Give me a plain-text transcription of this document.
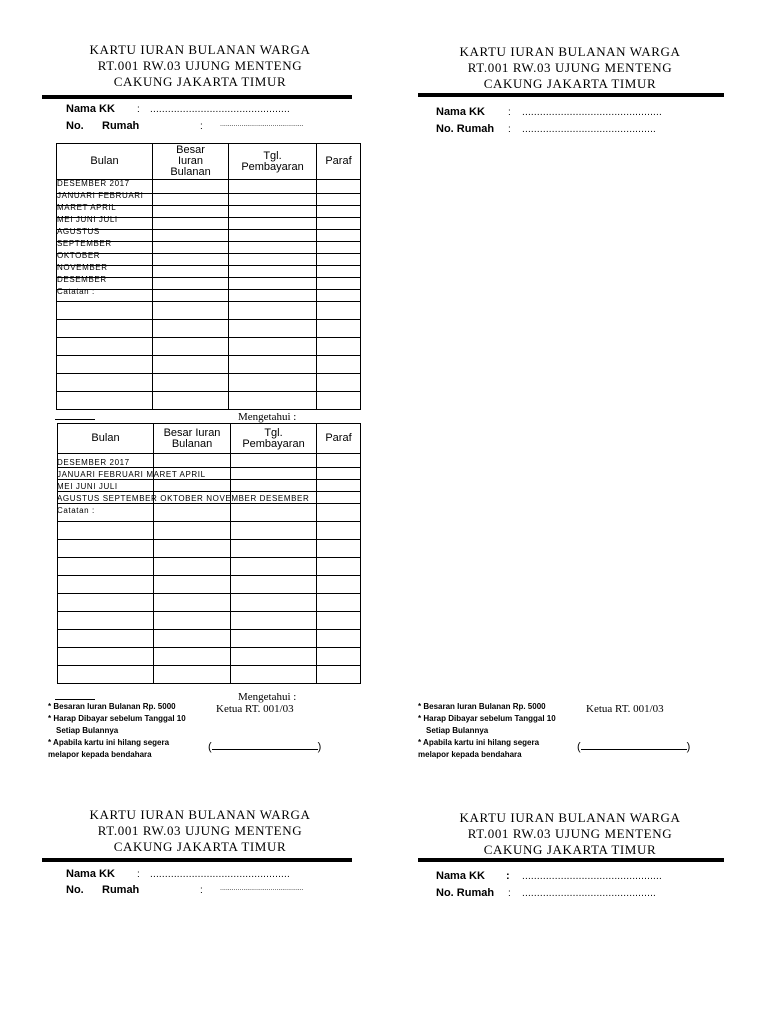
KARTU IURAN BULANAN WARGA
RT.001 RW.03 UJUNG MENTENG
CAKUNG JAKARTA TIMUR
Nama KK : ...............................................
No. Rumah	: ...........................................
Bulan	Besar Iuran Bulanan	Tgl. Pembayaran	Paraf

DESEMBER 2017
JANUARI FEBRUARI
MARET APRIL
MEI JUNI JULI
AGUSTUS
SEPTEMBER
OKTOBER
NOVEMBER
DESEMBER
Catatan :
Mengetahui :
Bulan	Besar Iuran Bulanan	Tgl. Pembayaran	Paraf

DESEMBER 2017
JANUARI FEBRUARI MARET APRIL
MEI JUNI JULI
AGUSTUS SEPTEMBER OKTOBER NOVEMBER DESEMBER
Catatan :
Mengetahui :
* Besaran Iuran Bulanan Rp. 5000
* Harap Dibayar sebelum Tanggal 10
Setiap Bulannya
* Apabila kartu ini hilang segera
melapor kepada bendahara
Ketua RT. 001/03
(	)
KARTU IURAN BULANAN WARGA
RT.001 RW.03 UJUNG MENTENG
CAKUNG JAKARTA TIMUR
Nama KK : ...............................................
No. Rumah : .............................................
* Besaran Iuran Bulanan Rp. 5000
* Harap Dibayar sebelum Tanggal 10
Setiap Bulannya
* Apabila kartu ini hilang segera
melapor kepada bendahara
Ketua RT. 001/03
(	)
KARTU IURAN BULANAN WARGA
RT.001 RW.03 UJUNG MENTENG
CAKUNG JAKARTA TIMUR
Nama KK : ...............................................
No. Rumah	: ...........................................
KARTU IURAN BULANAN WARGA
RT.001 RW.03 UJUNG MENTENG
CAKUNG JAKARTA TIMUR
Nama KK : ...............................................
No. Rumah : .............................................
